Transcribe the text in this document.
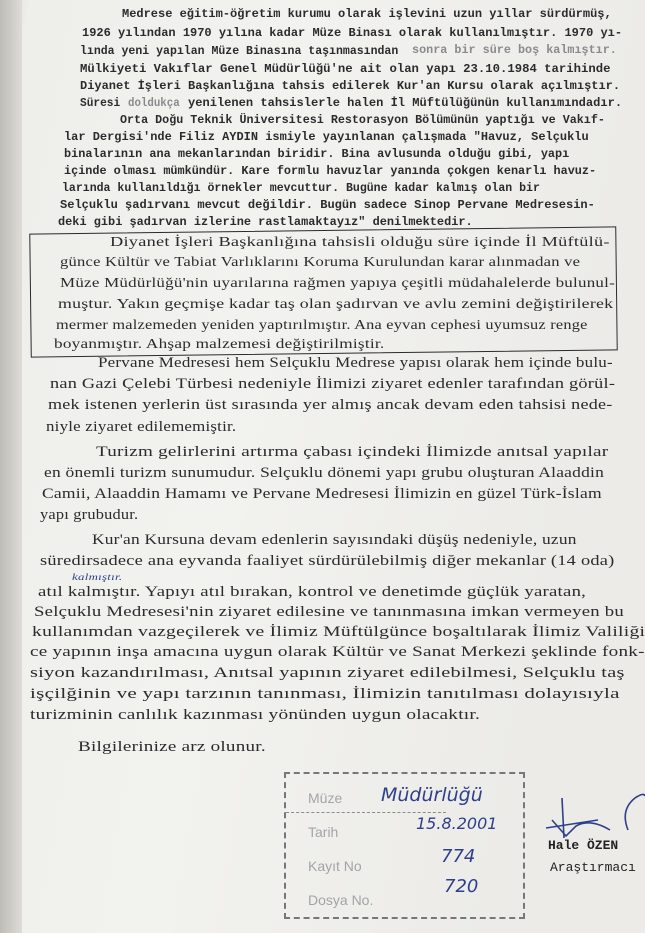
Medrese eğitim-öğretim kurumu olarak işlevini uzun yıllar sürdürmüş,
1926 yılından 1970 yılına kadar Müze Binası olarak kullanılmıştır. 1970 yı-
lında yeni yapılan Müze Binasına taşınmasından sonra bir süre boş kalmıştır.
Mülkiyeti Vakıflar Genel Müdürlüğü'ne ait olan yapı 23.10.1984 tarihinde
Diyanet İşleri Başkanlığına tahsis edilerek Kur'an Kursu olarak açılmıştır.
Süresi doldukça yenilenen tahsislerle halen İl Müftülüğünün kullanımındadır.
Orta Doğu Teknik Üniversitesi Restorasyon Bölümünün yaptığı ve Vakıf-
lar Dergisi'nde Filiz AYDIN ismiyle yayınlanan çalışmada "Havuz, Selçuklu
binalarının ana mekanlarından biridir. Bina avlusunda olduğu gibi, yapı
içinde olması mümkündür. Kare formlu havuzlar yanında çokgen kenarlı havuz-
larında kullanıldığı örnekler mevcuttur. Bugüne kadar kalmış olan bir
Selçuklu şadırvanı mevcut değildir. Bugün sadece Sinop Pervane Medresesin-
deki gibi şadırvan izlerine rastlamaktayız" denilmektedir.
Diyanet İşleri Başkanlığına tahsisli olduğu süre içinde İl Müftülü-
günce Kültür ve Tabiat Varlıklarını Koruma Kurulundan karar alınmadan ve
Müze Müdürlüğü'nin uyarılarına rağmen yapıya çeşitli müdahalelerde bulunul-
muştur. Yakın geçmişe kadar taş olan şadırvan ve avlu zemini değiştirilerek
mermer malzemeden yeniden yaptırılmıştır. Ana eyvan cephesi uyumsuz renge
boyanmıştır. Ahşap malzemesi değiştirilmiştir.
Pervane Medresesi hem Selçuklu Medrese yapısı olarak hem içinde bulu-
nan Gazi Çelebi Türbesi nedeniyle İlimizi ziyaret edenler tarafından görül-
mek istenen yerlerin üst sırasında yer almış ancak devam eden tahsisi nede-
niyle ziyaret edilememiştir.
Turizm gelirlerini artırma çabası içindeki İlimizde anıtsal yapılar
en önemli turizm sunumudur. Selçuklu dönemi yapı grubu oluşturan Alaaddin
Camii, Alaaddin Hamamı ve Pervane Medresesi İlimizin en güzel Türk-İslam
yapı grubudur.
Kur'an Kursuna devam edenlerin sayısındaki düşüş nedeniyle, uzun
süredirsadece ana eyvanda faaliyet sürdürülebilmiş diğer mekanlar (14 oda)
kalmıştır.
atıl kalmıştır. Yapıyı atıl bırakan, kontrol ve denetimde güçlük yaratan,
Selçuklu Medresesi'nin ziyaret edilesine ve tanınmasına imkan vermeyen bu
kullanımdan vazgeçilerek ve İlimiz Müftülgünce boşaltılarak İlimiz Valiliği
ce yapının inşa amacına uygun olarak Kültür ve Sanat Merkezi şeklinde fonk-
siyon kazandırılması, Anıtsal yapının ziyaret edilebilmesi, Selçuklu taş
işçilğinin ve yapı tarzının tanınması, İlimizin tanıtılması dolayısıyla
turizminin canlılık kazınması yönünden uygun olacaktır.
Bilgilerinize arz olunur.
Müze
Tarih
Kayıt No
Dosya No.
Müdürlüğü
15.8.2001
774
720
Hale ÖZEN
Araştırmacı
